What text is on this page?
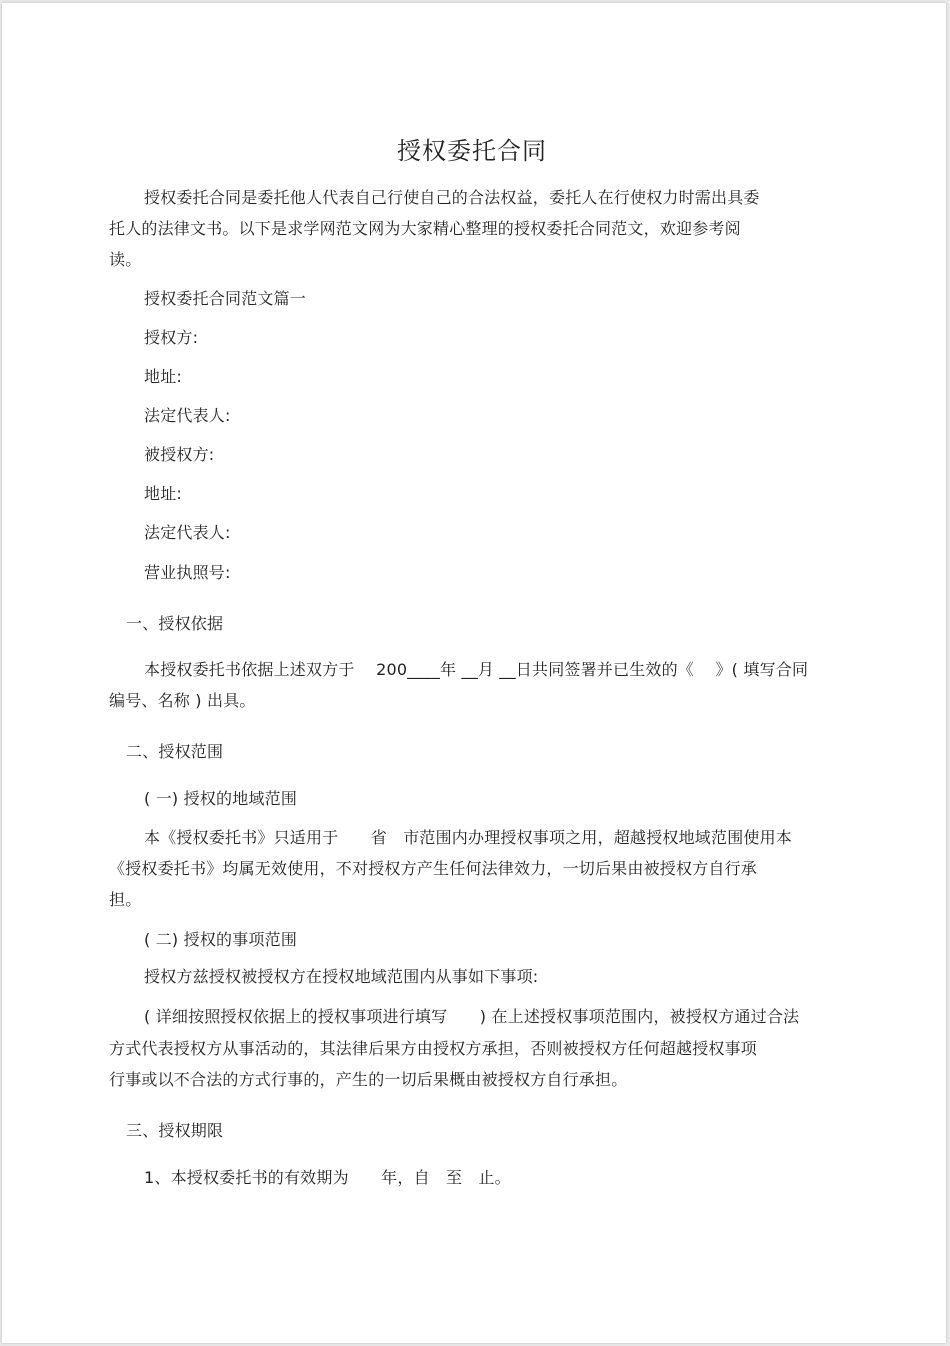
授权委托合同
授权委托合同是委托他人代表自己行使自己的合法权益，委托人在行使权力时需出具委
托人的法律文书。以下是求学网范文网为大家精心整理的授权委托合同范文，欢迎参考阅
读。
授权委托合同范文篇一
授权方:
地址:
法定代表人:
被授权方:
地址:
法定代表人:
营业执照号:
一、授权依据
本授权委托书依据上述双方于　 200____年 __月 __日共同签署并已生效的《　 》( 填写合同
编号、名称 ) 出具。
二、授权范围
( 一) 授权的地域范围
本《授权委托书》只适用于　　省　市范围内办理授权事项之用，超越授权地域范围使用本
《授权委托书》均属无效使用，不对授权方产生任何法律效力，一切后果由被授权方自行承
担。
( 二) 授权的事项范围
授权方兹授权被授权方在授权地域范围内从事如下事项:
( 详细按照授权依据上的授权事项进行填写　　) 在上述授权事项范围内，被授权方通过合法
方式代表授权方从事活动的，其法律后果方由授权方承担，否则被授权方任何超越授权事项
行事或以不合法的方式行事的，产生的一切后果概由被授权方自行承担。
三、授权期限
1、本授权委托书的有效期为　　年，自　至　止。
